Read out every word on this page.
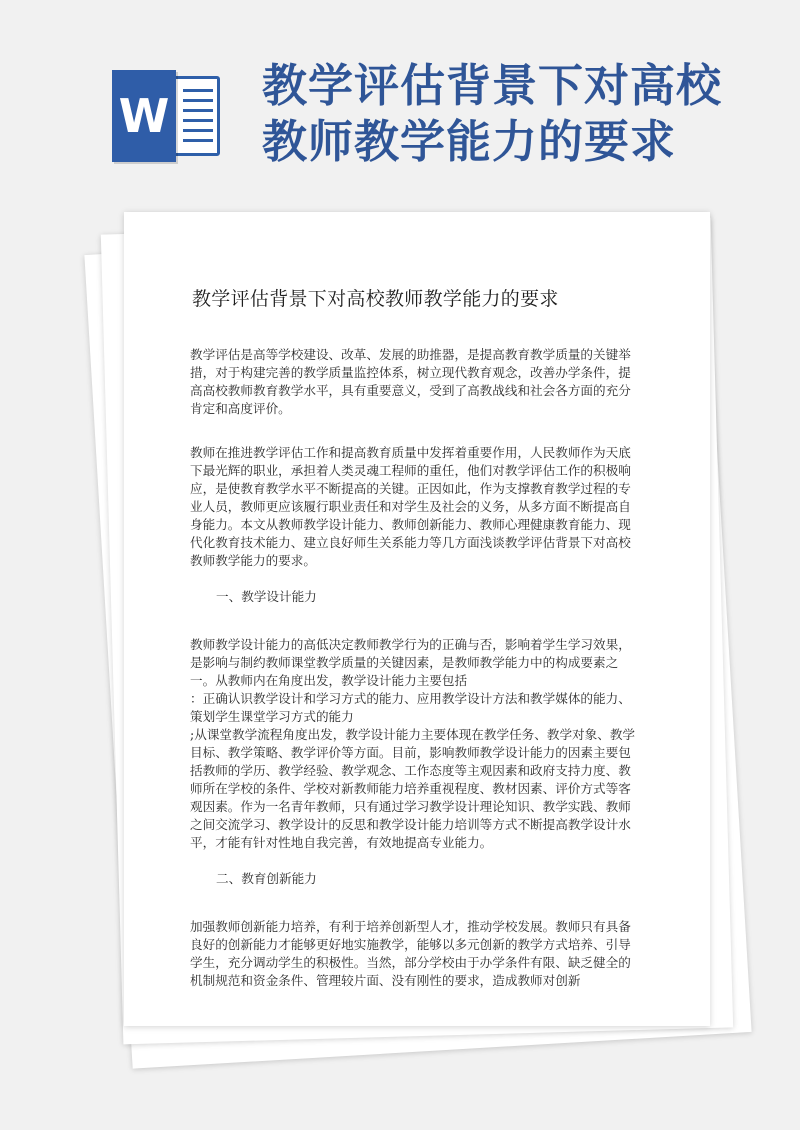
W
教学评估背景下对高校
教师教学能力的要求
教学评估背景下对高校教师教学能力的要求

教学评估是高等学校建设、改革、发展的助推器，是提高教育教学质量的关键举措，对于构建完善的教学质量监控体系，树立现代教育观念，改善办学条件，提高高校教师教育教学水平，具有重要意义，受到了高教战线和社会各方面的充分肯定和高度评价。

教师在推进教学评估工作和提高教育质量中发挥着重要作用，人民教师作为天底下最光辉的职业，承担着人类灵魂工程师的重任，他们对教学评估工作的积极响应，是使教育教学水平不断提高的关键。正因如此，作为支撑教育教学过程的专业人员，教师更应该履行职业责任和对学生及社会的义务，从多方面不断提高自身能力。本文从教师教学设计能力、教师创新能力、教师心理健康教育能力、现代化教育技术能力、建立良好师生关系能力等几方面浅谈教学评估背景下对高校教师教学能力的要求。

一、教学设计能力

教师教学设计能力的高低决定教师教学行为的正确与否，影响着学生学习效果，是影响与制约教师课堂教学质量的关键因素，是教师教学能力中的构成要素之一。从教师内在角度出发，教学设计能力主要包括

：正确认识教学设计和学习方式的能力、应用教学设计方法和教学媒体的能力、策划学生课堂学习方式的能力

;从课堂教学流程角度出发，教学设计能力主要体现在教学任务、教学对象、教学目标、教学策略、教学评价等方面。目前，影响教师教学设计能力的因素主要包括教师的学历、教学经验、教学观念、工作态度等主观因素和政府支持力度、教师所在学校的条件、学校对新教师能力培养重视程度、教材因素、评价方式等客观因素。作为一名青年教师，只有通过学习教学设计理论知识、教学实践、教师之间交流学习、教学设计的反思和教学设计能力培训等方式不断提高教学设计水平，才能有针对性地自我完善，有效地提高专业能力。

二、教育创新能力

加强教师创新能力培养，有利于培养创新型人才，推动学校发展。教师只有具备良好的创新能力才能够更好地实施教学，能够以多元创新的教学方式培养、引导学生，充分调动学生的积极性。当然，部分学校由于办学条件有限、缺乏健全的机制规范和资金条件、管理较片面、没有刚性的要求，造成教师对创新
